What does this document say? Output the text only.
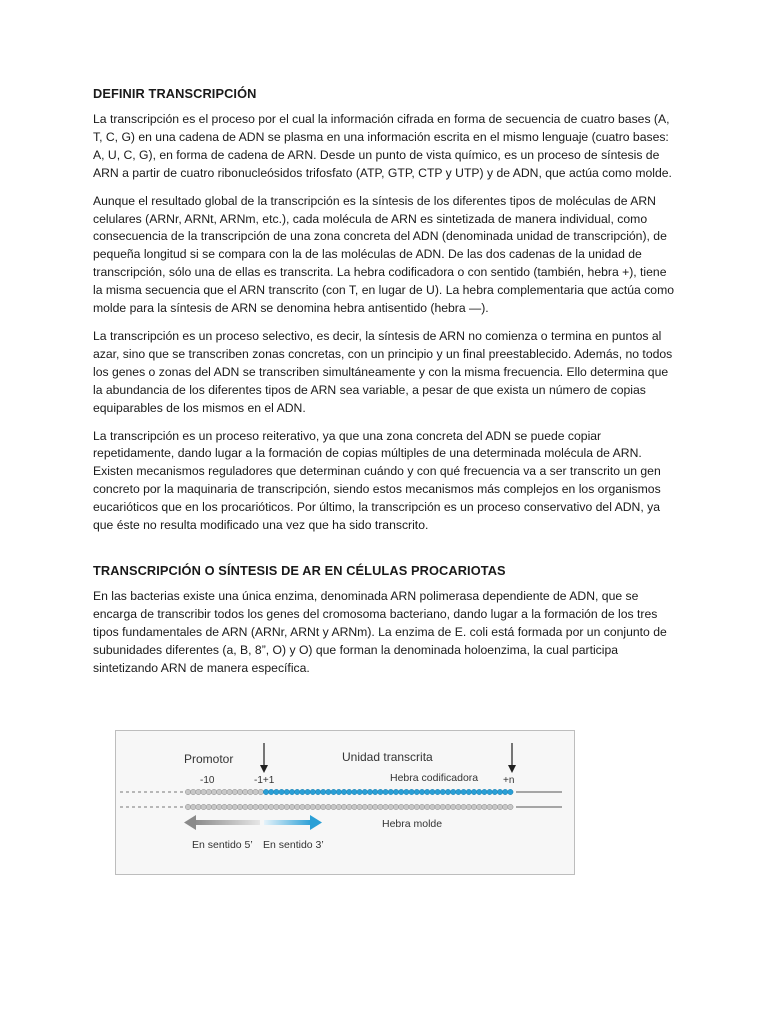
DEFINIR TRANSCRIPCIÓN

La transcripción es el proceso por el cual la información cifrada en forma de secuencia de cuatro bases (A, T, C, G) en una cadena de ADN se plasma en una información escrita en el mismo lenguaje (cuatro bases: A, U, C, G), en forma de cadena de ARN. Desde un punto de vista químico, es un proceso de síntesis de ARN a partir de cuatro ribonucleósidos trifosfato (ATP, GTP, CTP y UTP) y de ADN, que actúa como molde.

Aunque el resultado global de la transcripción es la síntesis de los diferentes tipos de moléculas de ARN celulares (ARNr, ARNt, ARNm, etc.), cada molécula de ARN es sintetizada de manera individual, como consecuencia de la transcripción de una zona concreta del ADN (denominada unidad de transcripción), de pequeña longitud si se compara con la de las moléculas de ADN. De las dos cadenas de la unidad de transcripción, sólo una de ellas es transcrita. La hebra codificadora o con sentido (también, hebra +), tiene la misma secuencia que el ARN transcrito (con T, en lugar de U). La hebra complementaria que actúa como molde para la síntesis de ARN se denomina hebra antisentido (hebra —).

La transcripción es un proceso selectivo, es decir, la síntesis de ARN no comienza o termina en puntos al azar, sino que se transcriben zonas concretas, con un principio y un final preestablecido. Además, no todos los genes o zonas del ADN se transcriben simultáneamente y con la misma frecuencia. Ello determina que la abundancia de los diferentes tipos de ARN sea variable, a pesar de que exista un número de copias equiparables de los mismos en el ADN.

La transcripción es un proceso reiterativo, ya que una zona concreta del ADN se puede copiar repetidamente, dando lugar a la formación de copias múltiples de una determinada molécula de ARN. Existen mecanismos reguladores que determinan cuándo y con qué frecuencia va a ser transcrito un gen concreto por la maquinaria de transcripción, siendo estos mecanismos más complejos en los organismos eucarióticos que en los procarióticos. Por último, la transcripción es un proceso conservativo del ADN, ya que éste no resulta modificado una vez que ha sido transcrito.

TRANSCRIPCIÓN O SÍNTESIS DE AR EN CÉLULAS PROCARIOTAS

En las bacterias existe una única enzima, denominada ARN polimerasa dependiente de ADN, que se encarga de transcribir todos los genes del cromosoma bacteriano, dando lugar a la formación de los tres tipos fundamentales de ARN (ARNr, ARNt y ARNm). La enzima de E. coli está formada por un conjunto de subunidades diferentes (a, B, 8”, O) y O) que forman la denominada holoenzima, la cual participa sintetizando ARN de manera específica.

Promotor	Unidad transcrita
-10	-1+1	Hebra codificadora +n
Hebra molde
En sentido 5’ En sentido 3’
